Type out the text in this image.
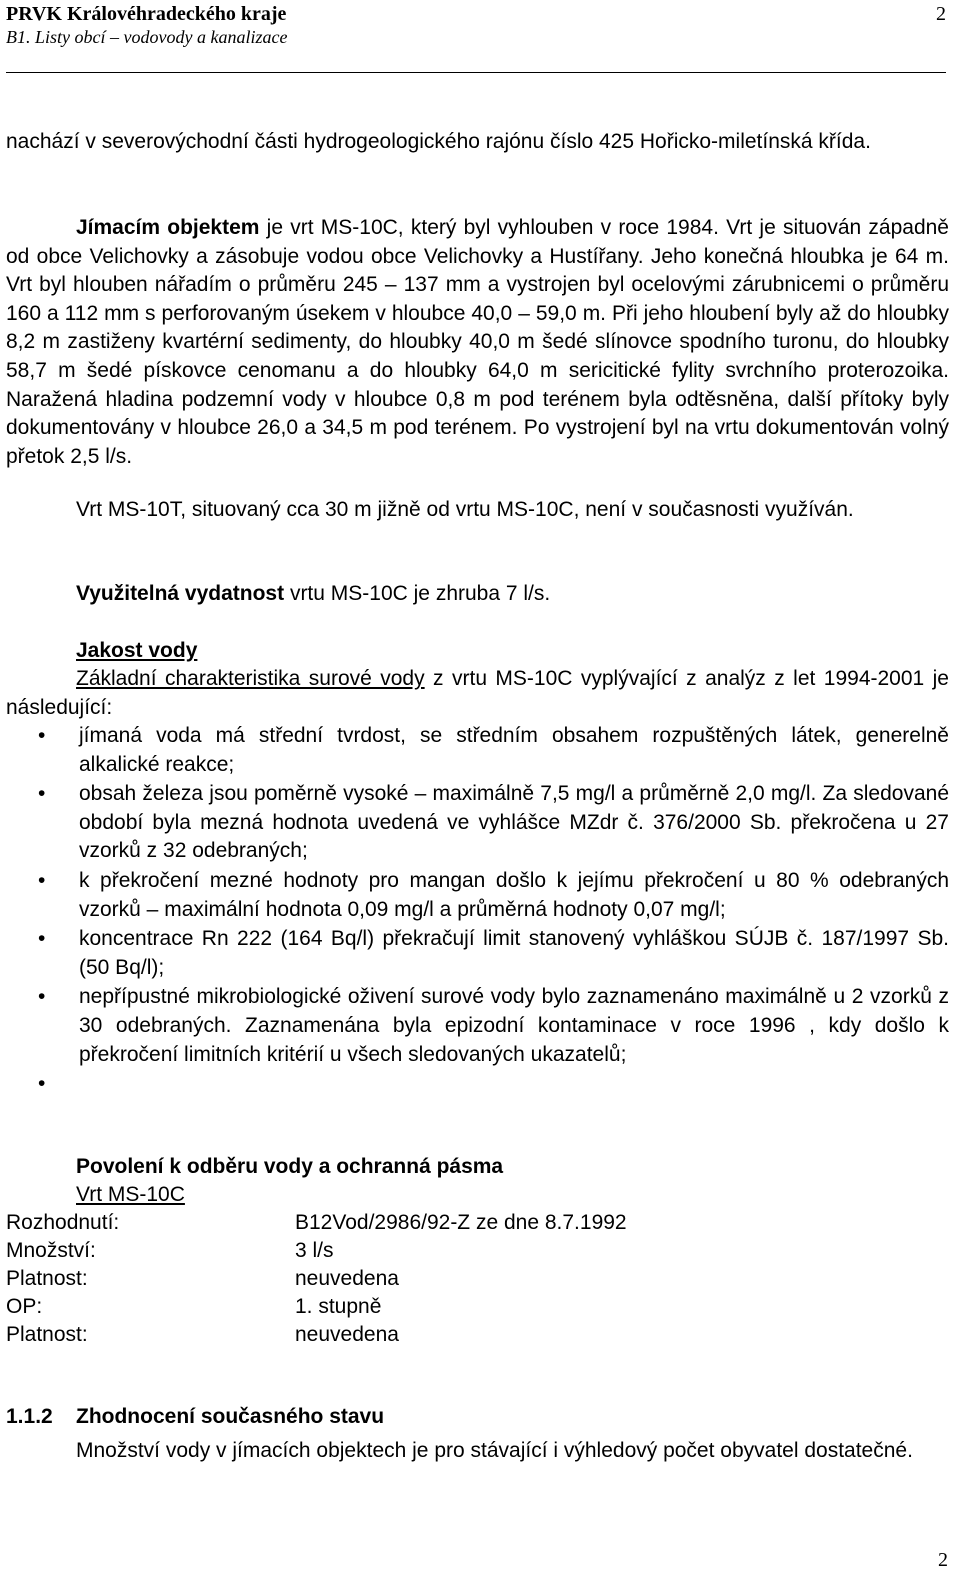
PRVK Královéhradeckého kraje
B1. Listy obcí – vodovody a kanalizace
2

nachází v severovýchodní části hydrogeologického rajónu číslo 425 Hořicko-miletínská křída.

Jímacím objektem je vrt MS-10C, který byl vyhlouben v roce 1984. Vrt je situován západně od obce Velichovky a zásobuje vodou obce Velichovky a Hustířany. Jeho konečná hloubka je 64 m. Vrt byl hlouben nářadím o průměru 245 – 137 mm a vystrojen byl ocelovými zárubnicemi o průměru 160 a 112 mm s perforovaným úsekem v hloubce 40,0 – 59,0 m. Při jeho hloubení byly až do hloubky 8,2 m zastiženy kvartérní sedimenty, do hloubky 40,0 m šedé slínovce spodního turonu, do hloubky 58,7 m šedé pískovce cenomanu a do hloubky 64,0 m sericitické fylity svrchního proterozoika. Naražená hladina podzemní vody v hloubce 0,8 m pod terénem byla odtěsněna, další přítoky byly dokumentovány v hloubce 26,0 a 34,5 m pod terénem. Po vystrojení byl na vrtu dokumentován volný přetok 2,5 l/s.

Vrt MS-10T, situovaný cca 30 m jižně od vrtu MS-10C, není v současnosti využíván.

Využitelná vydatnost vrtu MS-10C je zhruba 7 l/s.

Jakost vody

Základní charakteristika surové vody z vrtu MS-10C vyplývající z analýz z let 1994-2001 je následující:

• jímaná voda má střední tvrdost, se středním obsahem rozpuštěných látek, generelně alkalické reakce;
• obsah železa jsou poměrně vysoké – maximálně 7,5 mg/l a průměrně 2,0 mg/l. Za sledované období byla mezná hodnota uvedená ve vyhlášce MZdr č. 376/2000 Sb. překročena u 27 vzorků z 32 odebraných;
• k překročení mezné hodnoty pro mangan došlo k jejímu překročení u 80 % odebraných vzorků – maximální hodnota 0,09 mg/l a průměrná hodnoty 0,07 mg/l;
• koncentrace Rn 222 (164 Bq/l) překračují limit stanovený vyhláškou SÚJB č. 187/1997 Sb. (50 Bq/l);
• nepřípustné mikrobiologické oživení surové vody bylo zaznamenáno maximálně u 2 vzorků z 30 odebraných. Zaznamenána byla epizodní kontaminace v roce 1996 , kdy došlo k překročení limitních kritérií u všech sledovaných ukazatelů;
•

Povolení k odběru vody a ochranná pásma

Vrt MS-10C

Rozhodnutí:	B12Vod/2986/92-Z ze dne 8.7.1992
Množství:	3 l/s
Platnost:	neuvedena
OP:	1. stupně
Platnost:	neuvedena
1.1.2 Zhodnocení současného stavu

Množství vody v jímacích objektech je pro stávající i výhledový počet obyvatel dostatečné.

2
